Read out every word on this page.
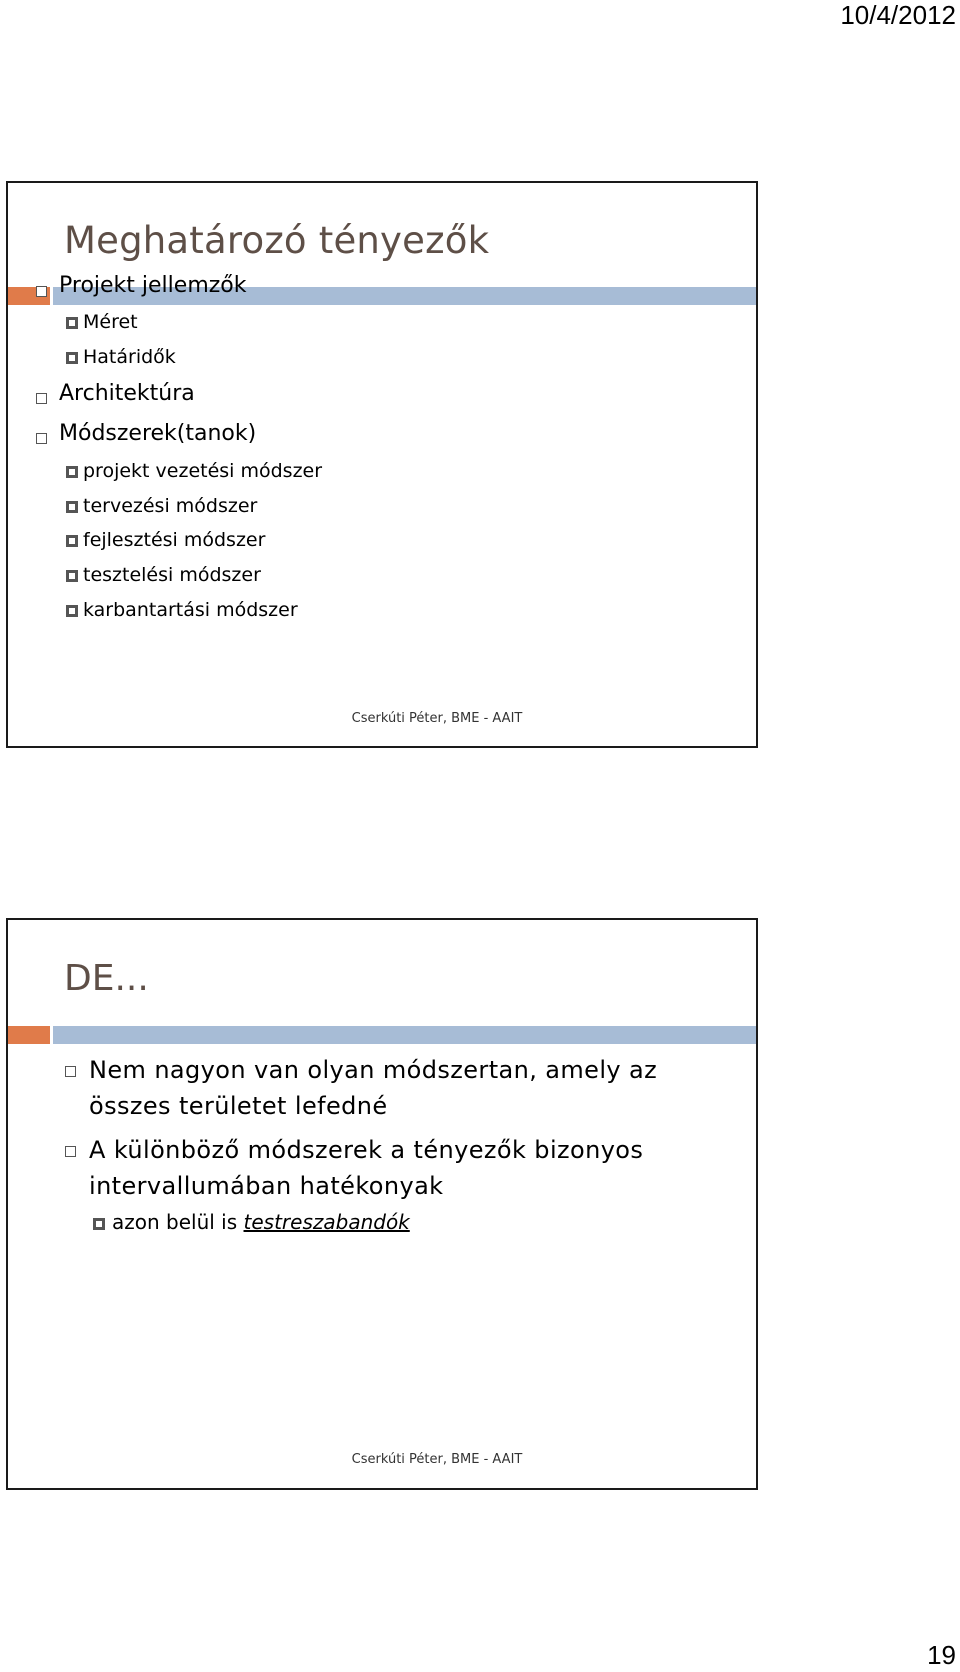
10/4/2012
Meghatározó tényezők
Projekt jellemzők
Méret
Határidők
Architektúra
Módszerek(tanok)
projekt vezetési módszer
tervezési módszer
fejlesztési módszer
tesztelési módszer
karbantartási módszer
Cserkúti Péter, BME - AAIT
DE...
Nem nagyon van olyan módszertan, amely az
összes területet lefedné
A különböző módszerek a tényezők bizonyos
intervallumában hatékonyak
azon belül is testreszabandók
Cserkúti Péter, BME - AAIT
19
